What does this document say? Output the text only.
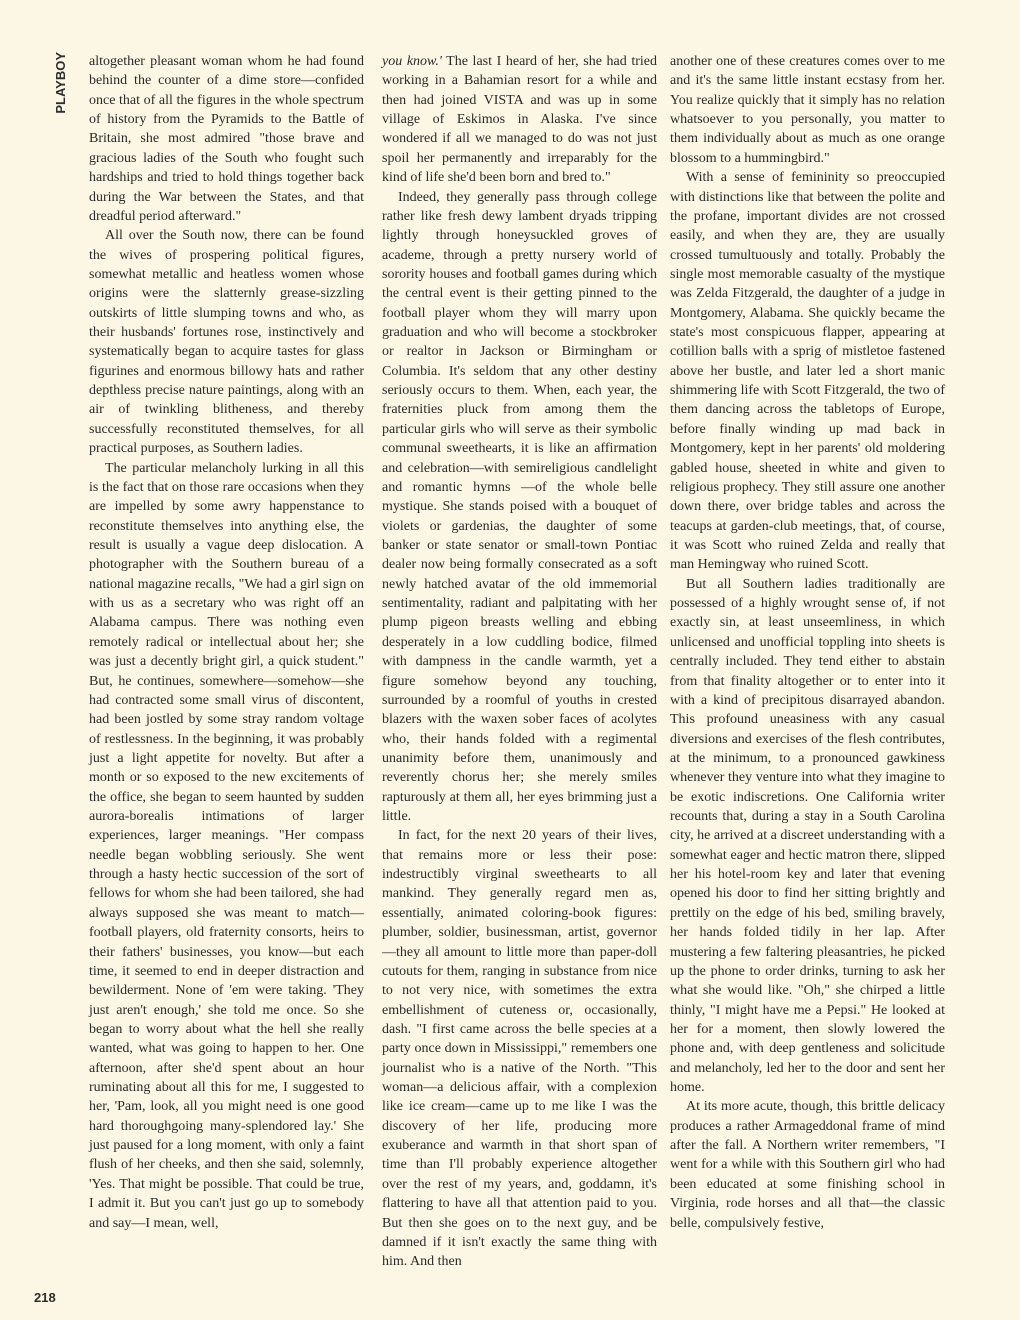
PLAYBOY
218

altogether pleasant woman whom he had found behind the counter of a dime store—confided once that of all the figures in the whole spectrum of history from the Pyramids to the Battle of Britain, she most admired "those brave and gracious ladies of the South who fought such hardships and tried to hold things together back during the War between the States, and that dreadful period afterward."

All over the South now, there can be found the wives of prospering political figures, somewhat metallic and heatless women whose origins were the slatternly grease-sizzling outskirts of little slumping towns and who, as their husbands' fortunes rose, instinctively and systematically began to acquire tastes for glass figurines and enormous billowy hats and rather depthless precise nature paintings, along with an air of twinkling blitheness, and thereby successfully reconstituted themselves, for all practical purposes, as Southern ladies.

The particular melancholy lurking in all this is the fact that on those rare occasions when they are impelled by some awry happenstance to reconstitute themselves into anything else, the result is usually a vague deep dislocation. A photographer with the Southern bureau of a national magazine recalls, "We had a girl sign on with us as a secretary who was right off an Alabama campus. There was nothing even remotely radical or intellectual about her; she was just a decently bright girl, a quick student." But, he continues, somewhere—somehow—she had contracted some small virus of discontent, had been jostled by some stray random voltage of restlessness. In the beginning, it was probably just a light appetite for novelty. But after a month or so exposed to the new excitements of the office, she began to seem haunted by sudden aurora-borealis intimations of larger experiences, larger meanings. "Her compass needle began wobbling seriously. She went through a hasty hectic succession of the sort of fellows for whom she had been tailored, she had always supposed she was meant to match—football players, old fraternity consorts, heirs to their fathers' businesses, you know—but each time, it seemed to end in deeper distraction and bewilderment. None of 'em were taking. 'They just aren't enough,' she told me once. So she began to worry about what the hell she really wanted, what was going to happen to her. One afternoon, after she'd spent about an hour ruminating about all this for me, I suggested to her, 'Pam, look, all you might need is one good hard thoroughgoing many-splendored lay.' She just paused for a long moment, with only a faint flush of her cheeks, and then she said, solemnly, 'Yes. That might be possible. That could be true, I admit it. But you can't just go up to somebody and say—I mean, well,

you know.' The last I heard of her, she had tried working in a Bahamian resort for a while and then had joined VISTA and was up in some village of Eskimos in Alaska. I've since wondered if all we managed to do was not just spoil her permanently and irreparably for the kind of life she'd been born and bred to."

Indeed, they generally pass through college rather like fresh dewy lambent dryads tripping lightly through honeysuckled groves of academe, through a pretty nursery world of sorority houses and football games during which the central event is their getting pinned to the football player whom they will marry upon graduation and who will become a stockbroker or realtor in Jackson or Birmingham or Columbia. It's seldom that any other destiny seriously occurs to them. When, each year, the fraternities pluck from among them the particular girls who will serve as their symbolic communal sweethearts, it is like an affirmation and celebration—with semireligious candlelight and romantic hymns —of the whole belle mystique. She stands poised with a bouquet of violets or gardenias, the daughter of some banker or state senator or small-town Pontiac dealer now being formally consecrated as a soft newly hatched avatar of the old immemorial sentimentality, radiant and palpitating with her plump pigeon breasts welling and ebbing desperately in a low cuddling bodice, filmed with dampness in the candle warmth, yet a figure somehow beyond any touching, surrounded by a roomful of youths in crested blazers with the waxen sober faces of acolytes who, their hands folded with a regimental unanimity before them, unanimously and reverently chorus her; she merely smiles rapturously at them all, her eyes brimming just a little.

In fact, for the next 20 years of their lives, that remains more or less their pose: indestructibly virginal sweethearts to all mankind. They generally regard men as, essentially, animated coloring-book figures: plumber, soldier, businessman, artist, governor—they all amount to little more than paper-doll cutouts for them, ranging in substance from nice to not very nice, with sometimes the extra embellishment of cuteness or, occasionally, dash. "I first came across the belle species at a party once down in Mississippi," remembers one journalist who is a native of the North. "This woman—a delicious affair, with a complexion like ice cream—came up to me like I was the discovery of her life, producing more exuberance and warmth in that short span of time than I'll probably experience altogether over the rest of my years, and, goddamn, it's flattering to have all that attention paid to you. But then she goes on to the next guy, and be damned if it isn't exactly the same thing with him. And then

another one of these creatures comes over to me and it's the same little instant ecstasy from her. You realize quickly that it simply has no relation whatsoever to you personally, you matter to them individually about as much as one orange blossom to a hummingbird."

With a sense of femininity so preoccupied with distinctions like that between the polite and the profane, important divides are not crossed easily, and when they are, they are usually crossed tumultuously and totally. Probably the single most memorable casualty of the mystique was Zelda Fitzgerald, the daughter of a judge in Montgomery, Alabama. She quickly became the state's most conspicuous flapper, appearing at cotillion balls with a sprig of mistletoe fastened above her bustle, and later led a short manic shimmering life with Scott Fitzgerald, the two of them dancing across the tabletops of Europe, before finally winding up mad back in Montgomery, kept in her parents' old moldering gabled house, sheeted in white and given to religious prophecy. They still assure one another down there, over bridge tables and across the teacups at garden-club meetings, that, of course, it was Scott who ruined Zelda and really that man Hemingway who ruined Scott.

But all Southern ladies traditionally are possessed of a highly wrought sense of, if not exactly sin, at least unseemliness, in which unlicensed and unofficial toppling into sheets is centrally included. They tend either to abstain from that finality altogether or to enter into it with a kind of precipitous disarrayed abandon. This profound uneasiness with any casual diversions and exercises of the flesh contributes, at the minimum, to a pronounced gawkiness whenever they venture into what they imagine to be exotic indiscretions. One California writer recounts that, during a stay in a South Carolina city, he arrived at a discreet understanding with a somewhat eager and hectic matron there, slipped her his hotel-room key and later that evening opened his door to find her sitting brightly and prettily on the edge of his bed, smiling bravely, her hands folded tidily in her lap. After mustering a few faltering pleasantries, he picked up the phone to order drinks, turning to ask her what she would like. "Oh," she chirped a little thinly, "I might have me a Pepsi." He looked at her for a moment, then slowly lowered the phone and, with deep gentleness and solicitude and melancholy, led her to the door and sent her home.

At its more acute, though, this brittle delicacy produces a rather Armageddonal frame of mind after the fall. A Northern writer remembers, "I went for a while with this Southern girl who had been educated at some finishing school in Virginia, rode horses and all that—the classic belle, compulsively festive,
